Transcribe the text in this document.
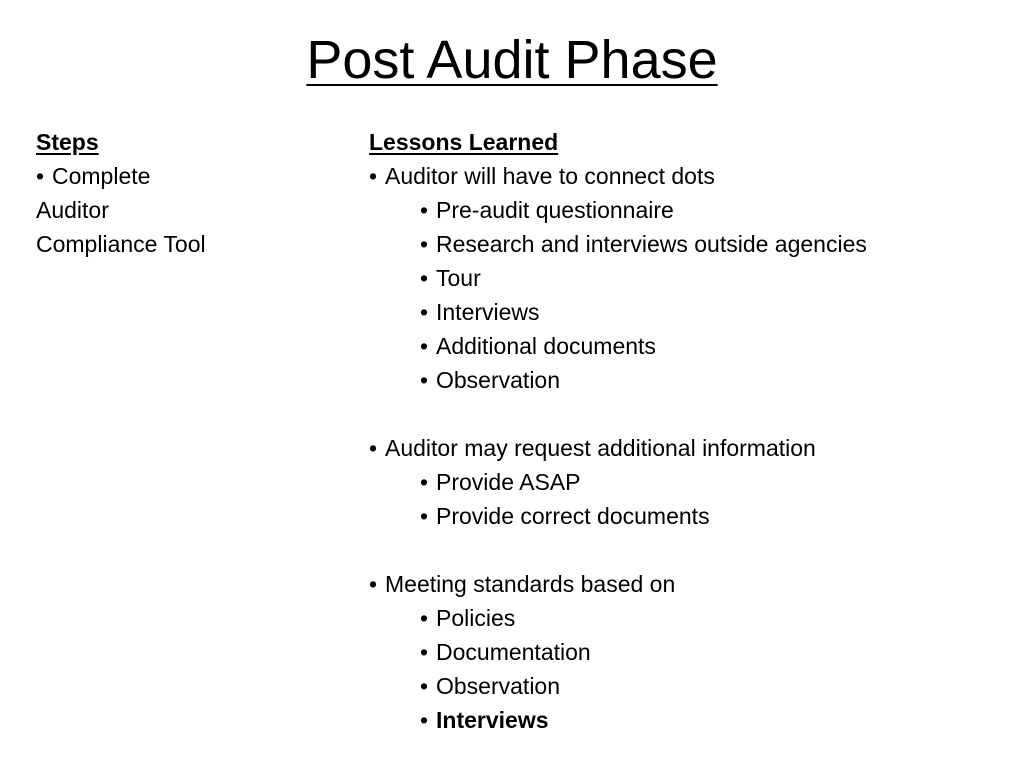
Post Audit Phase
Steps
• Complete
Auditor
Compliance Tool
Lessons Learned
• Auditor will have to connect dots
• Pre-audit questionnaire
• Research and interviews outside agencies
• Tour
• Interviews
• Additional documents
• Observation
• Auditor may request additional information
• Provide ASAP
• Provide correct documents
• Meeting standards based on
• Policies
• Documentation
• Observation
• Interviews
